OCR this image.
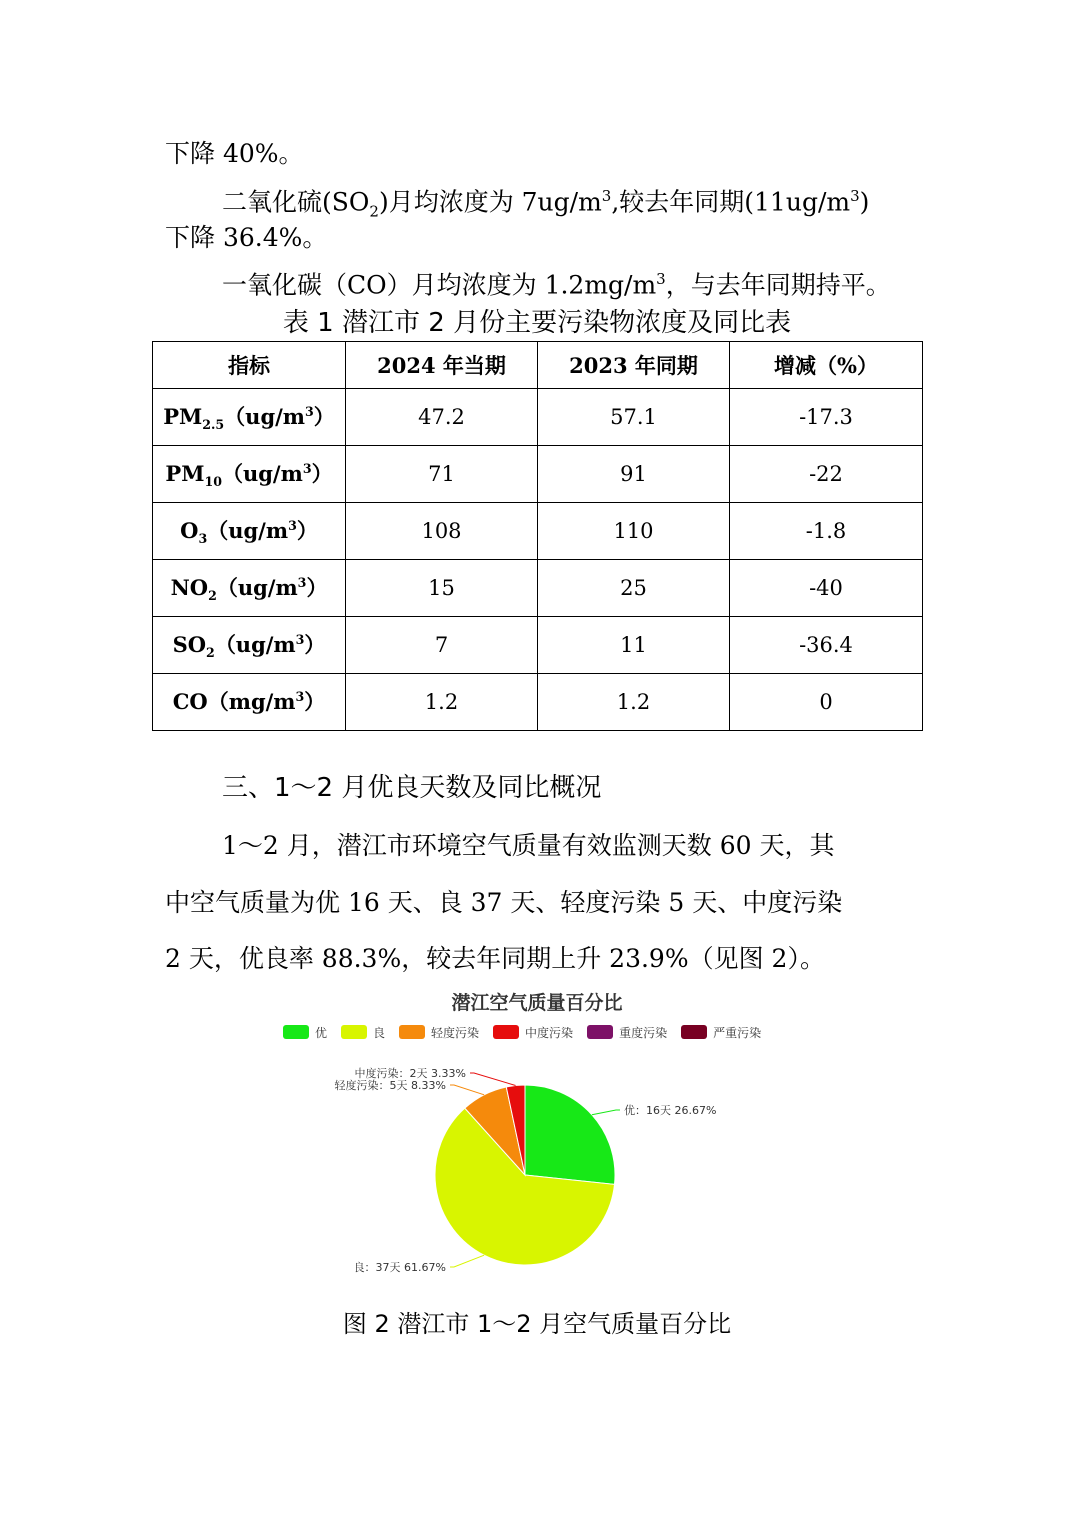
下降 40%。
二氧化硫$(SO_2)$月均浓度为 $7ug/m^3$,较去年同期$(11ug/m^3)$
下降 36.4%。
一氧化碳（CO）月均浓度为 $1.2mg/m^3$，与去年同期持平。
表 1 潜江市 2 月份主要污染物浓度及同比表
指标	2024 年当期	2023 年同期	增减（%）
$PM_{2.5}(ug/m^3)$	47.2	57.1	-17.3
$PM_{10}(ug/m^3)$	71	91	-22
$O_3(ug/m^3)$	108	110	-1.8
$NO_2(ug/m^3)$	15	25	-40
$SO_2(ug/m^3)$	7	11	-36.4
$CO(mg/m^3)$	1.2	1.2	0
三、1～2 月优良天数及同比概况
1～2 月，潜江市环境空气质量有效监测天数 60 天，其
中空气质量为优 16 天、良 37 天、轻度污染 5 天、中度污染
2 天，优良率 88.3%，较去年同期上升 23.9%（见图 2）。
潜江空气质量百分比
优	良	轻度污染	中度污染	重度污染	严重污染
优：16天 26.67%
良：37天 61.67%
轻度污染：5天 8.33%
中度污染：2天 3.33%
图 2 潜江市 1～2 月空气质量百分比
